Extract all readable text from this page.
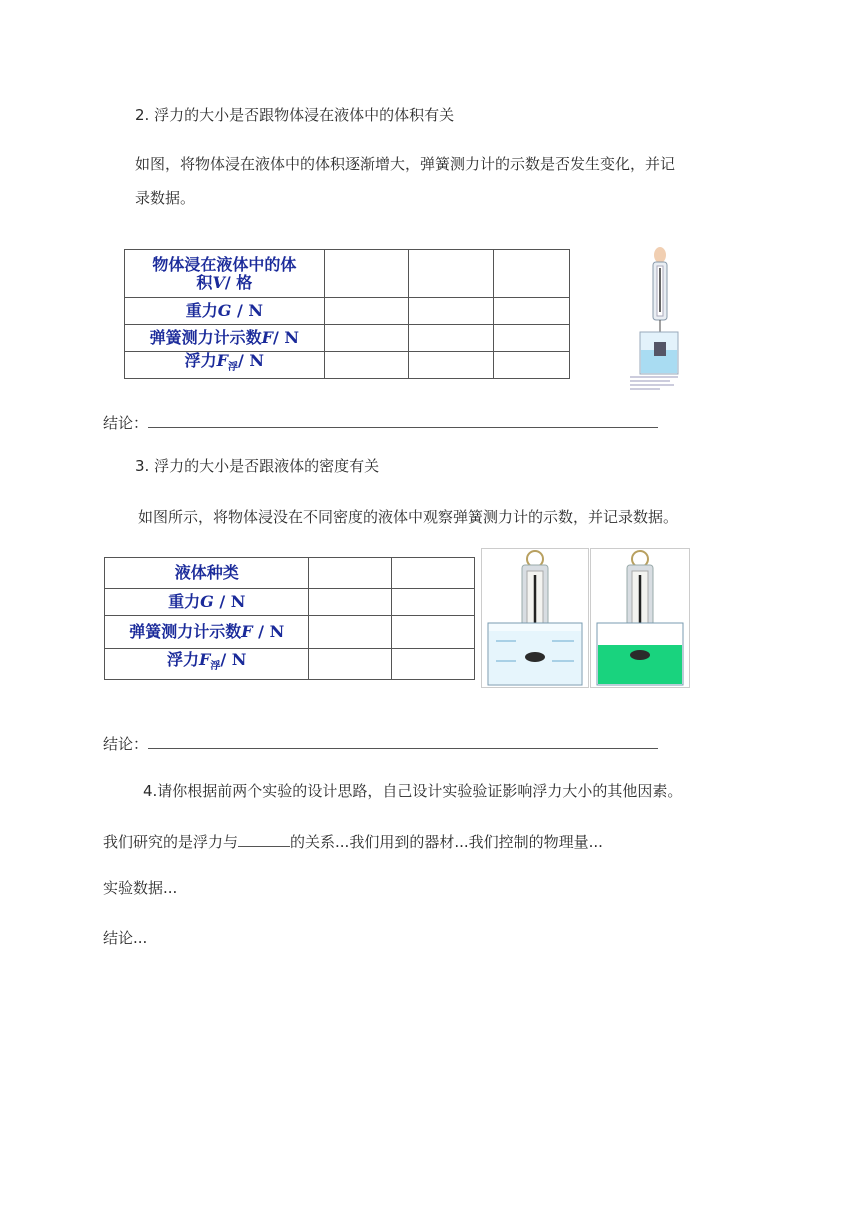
2. 浮力的大小是否跟物体浸在液体中的体积有关
如图，将物体浸在液体中的体积逐渐增大，弹簧测力计的示数是否发生变化，并记
录数据。
物体浸在液体中的体
积V/ 格			
重力G / N			
弹簧测力计示数F/ N			
浮力$F_浮/$ N			
结论：
3. 浮力的大小是否跟液体的密度有关
如图所示，将物体浸没在不同密度的液体中观察弹簧测力计的示数，并记录数据。
液体种类		
重力G / N		
弹簧测力计示数F / N		
浮力$F_浮/$ N		
结论：
4.请你根据前两个实验的设计思路，自己设计实验验证影响浮力大小的其他因素。
我们研究的是浮力与	的关系...我们用到的器材...我们控制的物理量...
实验数据...
结论...
